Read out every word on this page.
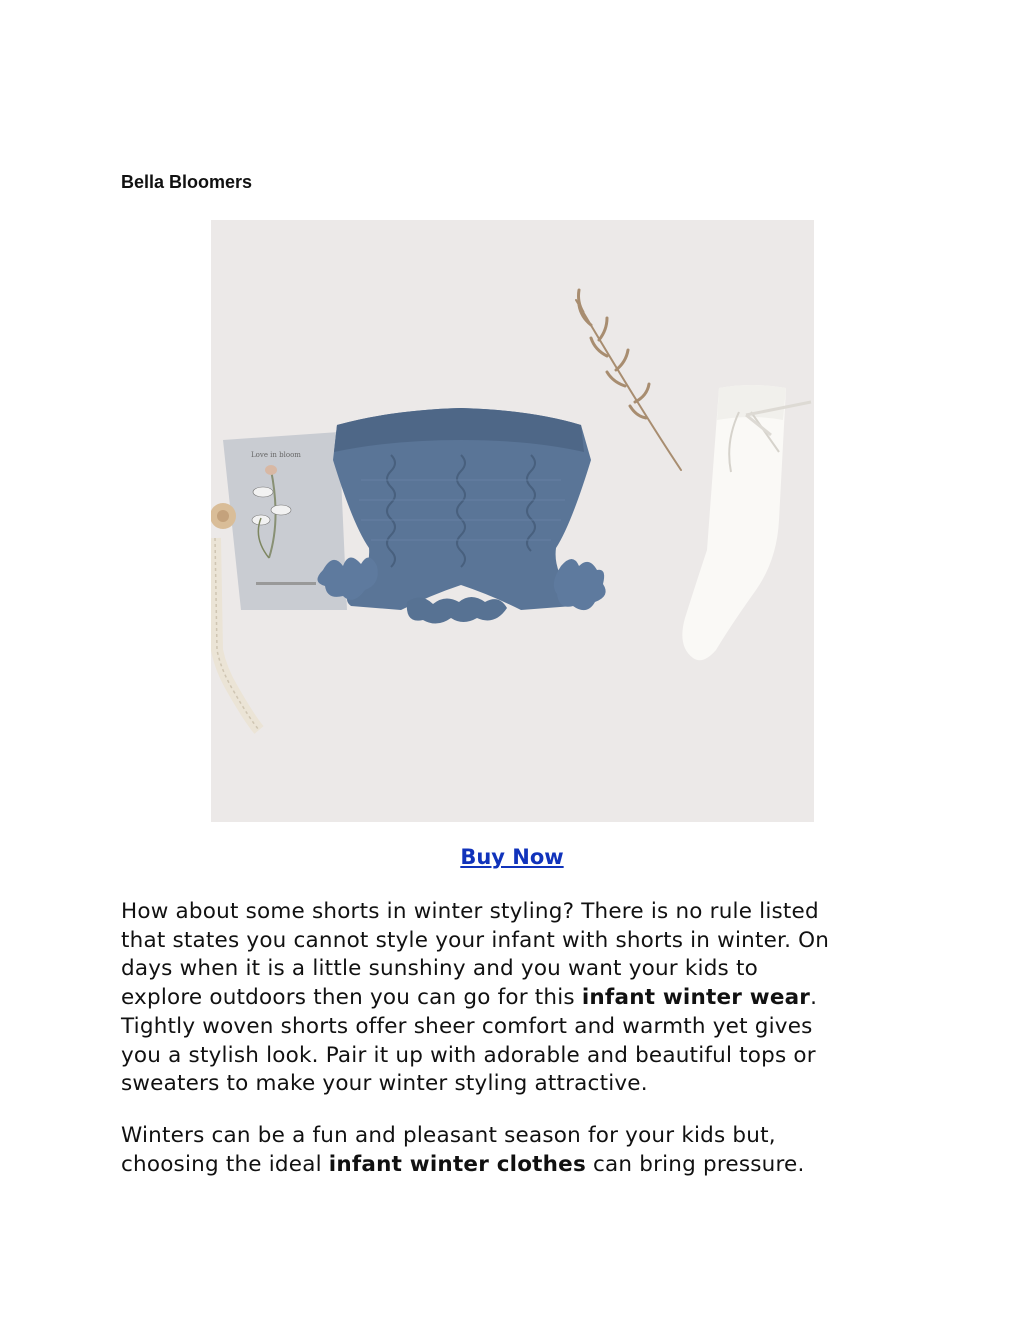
Bella Bloomers
Love in bloom
Buy Now

How about some shorts in winter styling? There is no rule listed
that states you cannot style your infant with shorts in winter. On
days when it is a little sunshiny and you want your kids to
explore outdoors then you can go for this infant winter wear.
Tightly woven shorts offer sheer comfort and warmth yet gives
you a stylish look. Pair it up with adorable and beautiful tops or
sweaters to make your winter styling attractive.

Winters can be a fun and pleasant season for your kids but,
choosing the ideal infant winter clothes can bring pressure.
